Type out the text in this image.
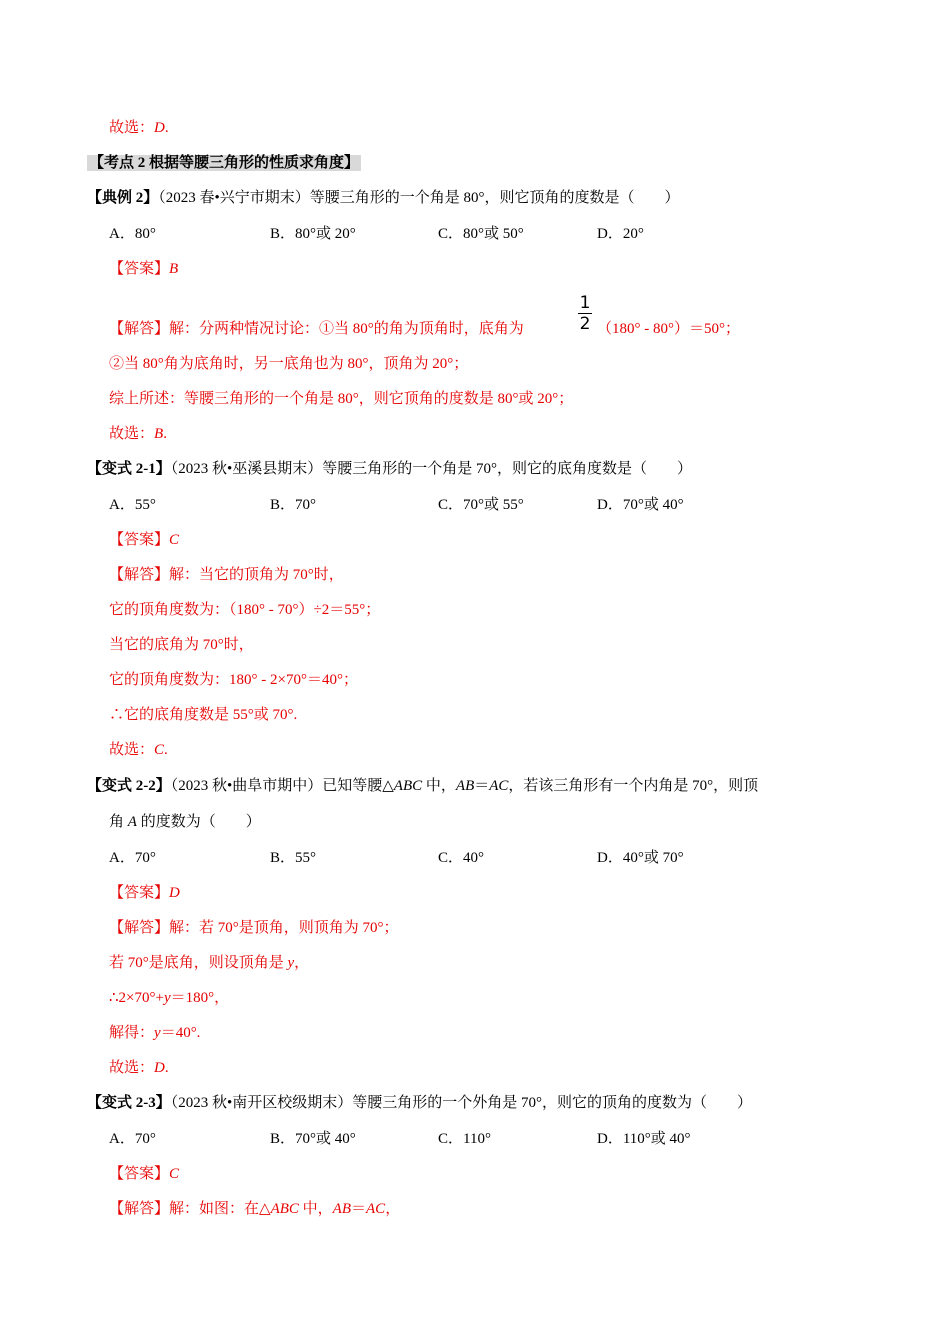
故选：D.
【考点 2 根据等腰三角形的性质求角度】
【典例 2】（2023 春•兴宁市期末）等腰三角形的一个角是 80°，则它顶角的度数是（　　）
A．80°	B．80°或 20°	C．80°或 50°	D．20°
【答案】B
1
2
【解答】解：分两种情况讨论：①当 80°的角为顶角时，底角为	（180° - 80°）＝50°；
②当 80°角为底角时，另一底角也为 80°，顶角为 20°；
综上所述：等腰三角形的一个角是 80°，则它顶角的度数是 80°或 20°；
故选：B.
【变式 2-1】（2023 秋•巫溪县期末）等腰三角形的一个角是 70°，则它的底角度数是（　　）
A．55°	B．70°	C．70°或 55°	D．70°或 40°
【答案】C
【解答】解：当它的顶角为 70°时，
它的顶角度数为：（180° - 70°）÷2＝55°；
当它的底角为 70°时，
它的顶角度数为：180° - 2×70°＝40°；
∴它的底角度数是 55°或 70°.
故选：C.
【变式 2-2】（2023 秋•曲阜市期中）已知等腰△ABC 中，AB＝AC，若该三角形有一个内角是 70°，则顶
角 A 的度数为（　　）
A．70°	B．55°	C．40°	D．40°或 70°
【答案】D
【解答】解：若 70°是顶角，则顶角为 70°；
若 70°是底角，则设顶角是 y，
∴2×70°+y＝180°，
解得：y＝40°.
故选：D.
【变式 2-3】（2023 秋•南开区校级期末）等腰三角形的一个外角是 70°，则它的顶角的度数为（　　）
A．70°	B．70°或 40°	C．110°	D．110°或 40°
【答案】C
【解答】解：如图：在△ABC 中，AB＝AC，
